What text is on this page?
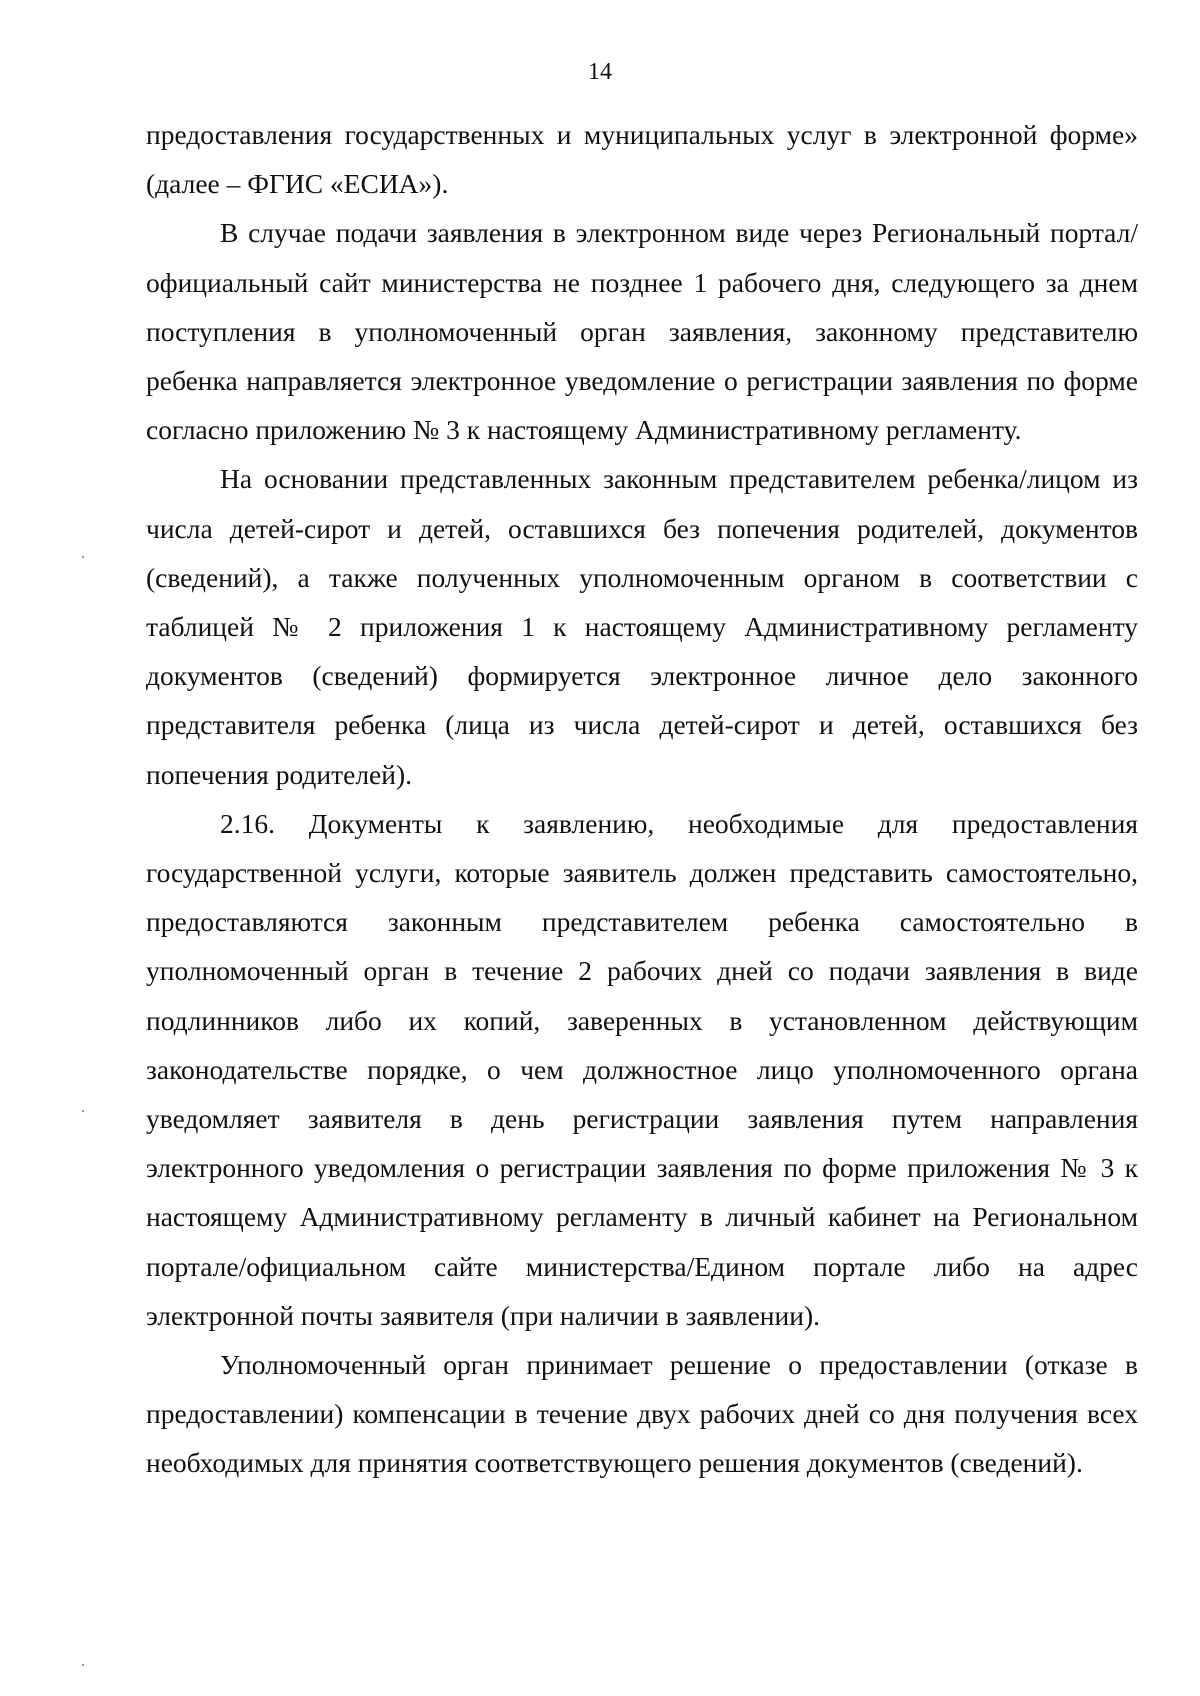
14

предоставления государственных и муниципальных услуг в электронной форме» (далее – ФГИС «ЕСИА»).

В случае подачи заявления в электронном виде через Региональный портал/официальный сайт министерства не позднее 1 рабочего дня, следующего за днем поступления в уполномоченный орган заявления, законному представителю ребенка направляется электронное уведомление о регистрации заявления по форме согласно приложению № 3 к настоящему Административному регламенту.

На основании представленных законным представителем ребенка/лицом из числа детей-сирот и детей, оставшихся без попечения родителей, документов (сведений), а также полученных уполномоченным органом в соответствии с таблицей № 2 приложения 1 к настоящему Административному регламенту документов (сведений) формируется электронное личное дело законного представителя ребенка (лица из числа детей-сирот и детей, оставшихся без попечения родителей).

2.16. Документы к заявлению, необходимые для предоставления государственной услуги, которые заявитель должен представить самостоятельно, предоставляются законным представителем ребенка самостоятельно в уполномоченный орган в течение 2 рабочих дней со подачи заявления в виде подлинников либо их копий, заверенных в установленном действующим законодательстве порядке, о чем должностное лицо уполномоченного органа уведомляет заявителя в день регистрации заявления путем направления электронного уведомления о регистрации заявления по форме приложения № 3 к настоящему Административному регламенту в личный кабинет на Региональном портале/официальном сайте министерства/Едином портале либо на адрес электронной почты заявителя (при наличии в заявлении).

Уполномоченный орган принимает решение о предоставлении (отказе в предоставлении) компенсации в течение двух рабочих дней со дня получения всех необходимых для принятия соответствующего решения документов (сведений).
